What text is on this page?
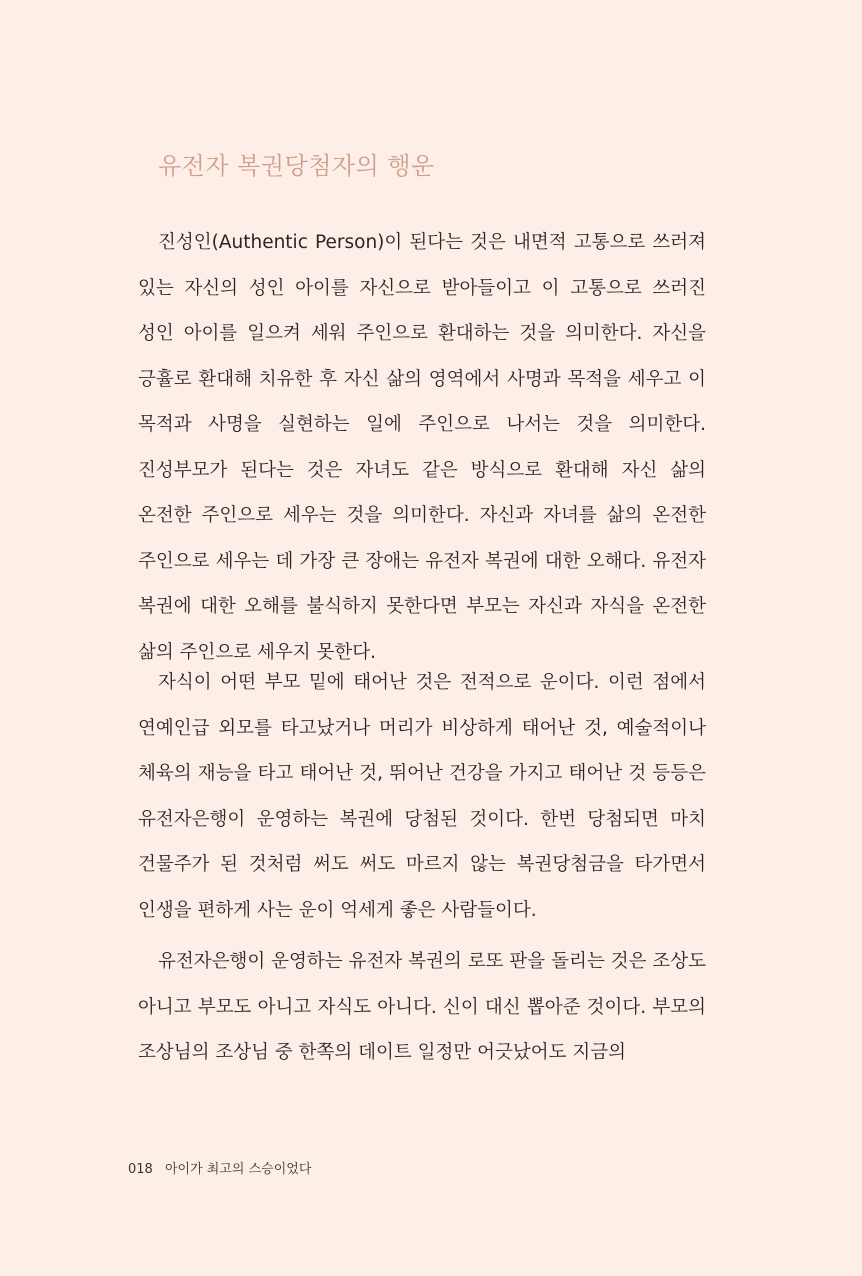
유전자 복권당첨자의 행운

진성인(Authentic Person)이 된다는 것은 내면적 고통으로 쓰러져 있는 자신의 성인 아이를 자신으로 받아들이고 이 고통으로 쓰러진 성인 아이를 일으켜 세워 주인으로 환대하는 것을 의미한다. 자신을 긍휼로 환대해 치유한 후 자신 삶의 영역에서 사명과 목적을 세우고 이 목적과 사명을 실현하는 일에 주인으로 나서는 것을 의미한다. 진성부모가 된다는 것은 자녀도 같은 방식으로 환대해 자신 삶의 온전한 주인으로 세우는 것을 의미한다. 자신과 자녀를 삶의 온전한 주인으로 세우는 데 가장 큰 장애는 유전자 복권에 대한 오해다. 유전자 복권에 대한 오해를 불식하지 못한다면 부모는 자신과 자식을 온전한 삶의 주인으로 세우지 못한다.

자식이 어떤 부모 밑에 태어난 것은 전적으로 운이다. 이런 점에서 연예인급 외모를 타고났거나 머리가 비상하게 태어난 것, 예술적이나 체육의 재능을 타고 태어난 것, 뛰어난 건강을 가지고 태어난 것 등등은 유전자은행이 운영하는 복권에 당첨된 것이다. 한번 당첨되면 마치 건물주가 된 것처럼 써도 써도 마르지 않는 복권당첨금을 타가면서 인생을 편하게 사는 운이 억세게 좋은 사람들이다.

유전자은행이 운영하는 유전자 복권의 로또 판을 돌리는 것은 조상도 아니고 부모도 아니고 자식도 아니다. 신이 대신 뽑아준 것이다. 부모의 조상님의 조상님 중 한쪽의 데이트 일정만 어긋났어도 지금의

018 아이가 최고의 스승이었다
